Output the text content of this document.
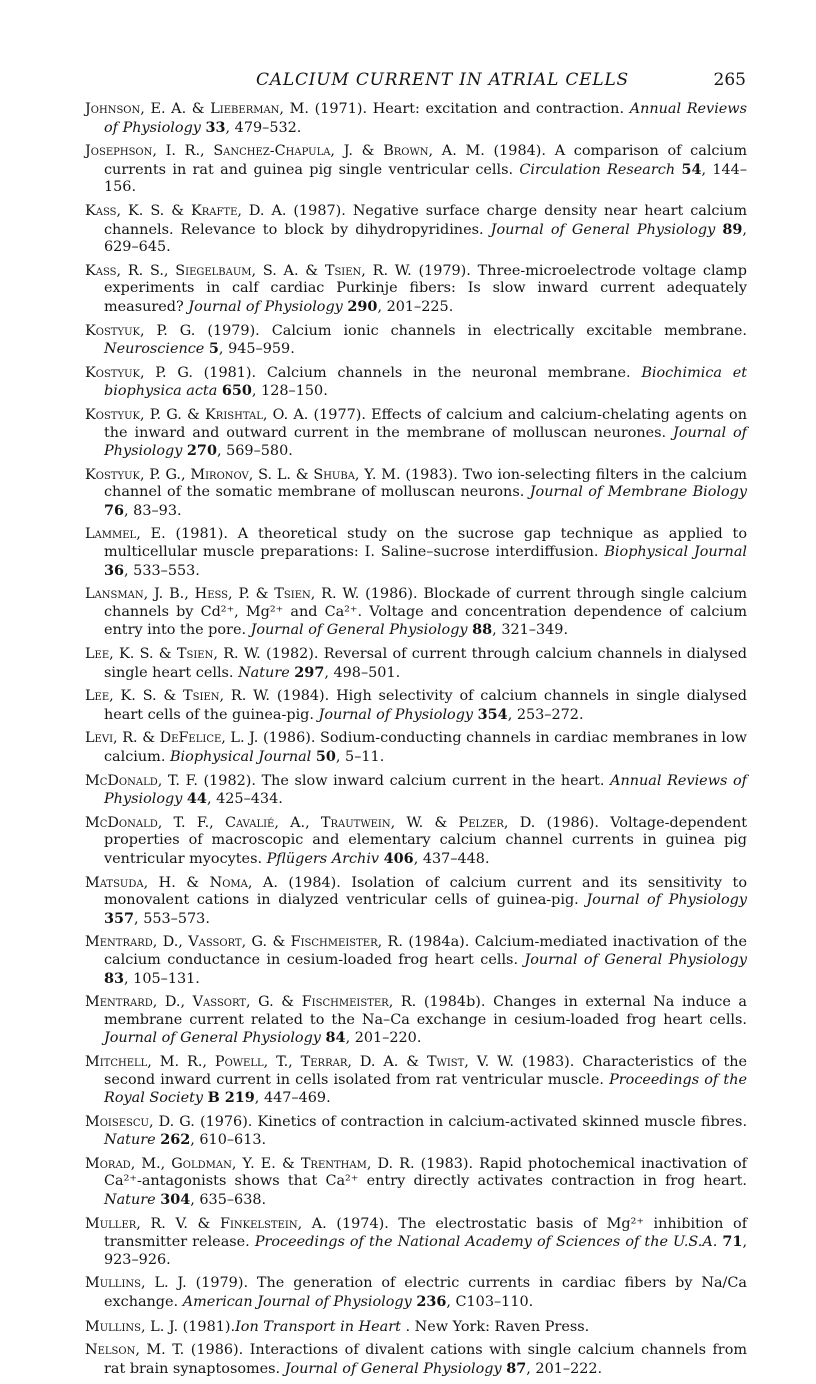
CALCIUM CURRENT IN ATRIAL CELLS	265

Johnson, E. A. & Lieberman, M. (1971). Heart: excitation and contraction. Annual Reviews of Physiology 33, 479–532.

Josephson, I. R., Sanchez-Chapula, J. & Brown, A. M. (1984). A comparison of calcium currents in rat and guinea pig single ventricular cells. Circulation Research 54, 144–156.

Kass, K. S. & Krafte, D. A. (1987). Negative surface charge density near heart calcium channels. Relevance to block by dihydropyridines. Journal of General Physiology 89, 629–645.

Kass, R. S., Siegelbaum, S. A. & Tsien, R. W. (1979). Three-microelectrode voltage clamp experiments in calf cardiac Purkinje fibers: Is slow inward current adequately measured? Journal of Physiology 290, 201–225.

Kostyuk, P. G. (1979). Calcium ionic channels in electrically excitable membrane. Neuroscience 5, 945–959.

Kostyuk, P. G. (1981). Calcium channels in the neuronal membrane. Biochimica et biophysica acta 650, 128–150.

Kostyuk, P. G. & Krishtal, O. A. (1977). Effects of calcium and calcium-chelating agents on the inward and outward current in the membrane of molluscan neurones. Journal of Physiology 270, 569–580.

Kostyuk, P. G., Mironov, S. L. & Shuba, Y. M. (1983). Two ion-selecting filters in the calcium channel of the somatic membrane of molluscan neurons. Journal of Membrane Biology 76, 83–93.

Lammel, E. (1981). A theoretical study on the sucrose gap technique as applied to multicellular muscle preparations: I. Saline–sucrose interdiffusion. Biophysical Journal 36, 533–553.

Lansman, J. B., Hess, P. & Tsien, R. W. (1986). Blockade of current through single calcium channels by Cd²⁺, Mg²⁺ and Ca²⁺. Voltage and concentration dependence of calcium entry into the pore. Journal of General Physiology 88, 321–349.

Lee, K. S. & Tsien, R. W. (1982). Reversal of current through calcium channels in dialysed single heart cells. Nature 297, 498–501.

Lee, K. S. & Tsien, R. W. (1984). High selectivity of calcium channels in single dialysed heart cells of the guinea-pig. Journal of Physiology 354, 253–272.

Levi, R. & DeFelice, L. J. (1986). Sodium-conducting channels in cardiac membranes in low calcium. Biophysical Journal 50, 5–11.

McDonald, T. F. (1982). The slow inward calcium current in the heart. Annual Reviews of Physiology 44, 425–434.

McDonald, T. F., Cavalié, A., Trautwein, W. & Pelzer, D. (1986). Voltage-dependent properties of macroscopic and elementary calcium channel currents in guinea pig ventricular myocytes. Pflügers Archiv 406, 437–448.

Matsuda, H. & Noma, A. (1984). Isolation of calcium current and its sensitivity to monovalent cations in dialyzed ventricular cells of guinea-pig. Journal of Physiology 357, 553–573.

Mentrard, D., Vassort, G. & Fischmeister, R. (1984a). Calcium-mediated inactivation of the calcium conductance in cesium-loaded frog heart cells. Journal of General Physiology 83, 105–131.

Mentrard, D., Vassort, G. & Fischmeister, R. (1984b). Changes in external Na induce a membrane current related to the Na–Ca exchange in cesium-loaded frog heart cells. Journal of General Physiology 84, 201–220.

Mitchell, M. R., Powell, T., Terrar, D. A. & Twist, V. W. (1983). Characteristics of the second inward current in cells isolated from rat ventricular muscle. Proceedings of the Royal Society B 219, 447–469.

Moisescu, D. G. (1976). Kinetics of contraction in calcium-activated skinned muscle fibres. Nature 262, 610–613.

Morad, M., Goldman, Y. E. & Trentham, D. R. (1983). Rapid photochemical inactivation of Ca²⁺-antagonists shows that Ca²⁺ entry directly activates contraction in frog heart. Nature 304, 635–638.

Muller, R. V. & Finkelstein, A. (1974). The electrostatic basis of Mg²⁺ inhibition of transmitter release. Proceedings of the National Academy of Sciences of the U.S.A. 71, 923–926.

Mullins, L. J. (1979). The generation of electric currents in cardiac fibers by Na/Ca exchange. American Journal of Physiology 236, C103–110.

Mullins, L. J. (1981).Ion Transport in Heart . New York: Raven Press.

Nelson, M. T. (1986). Interactions of divalent cations with single calcium channels from rat brain synaptosomes. Journal of General Physiology 87, 201–222.
